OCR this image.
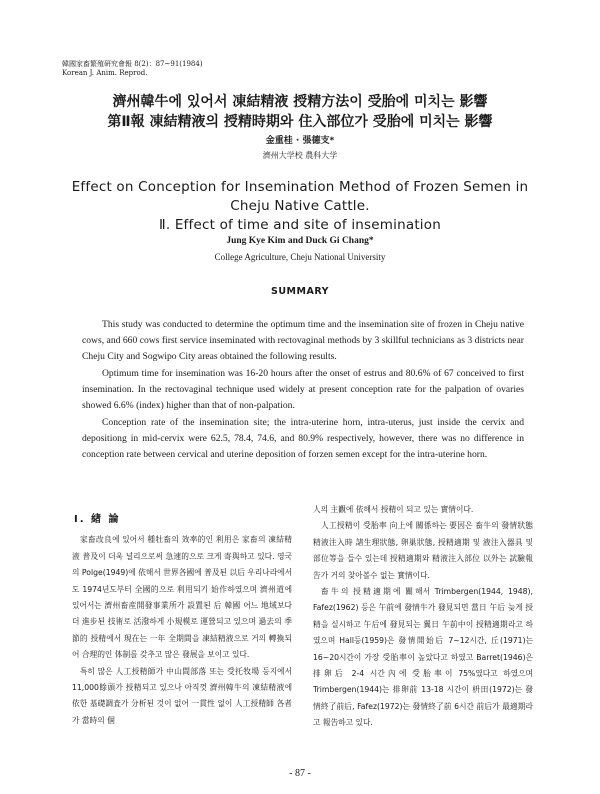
韓國家畜繁殖硏究會報 8(2)：87~91(1984)
Korean J. Anim. Reprod.
濟州韓牛에 있어서 凍結精液 授精方法이 受胎에 미치는 影響
第Ⅱ報 凍結精液의 授精時期와 住入部位가 受胎에 미치는 影響
金重桂 · 張德支*
濟州大学校 農科大学
Effect on Conception for Insemination Method of Frozen Semen in
Cheju Native Cattle.
Ⅱ. Effect of time and site of insemination
Jung Kye Kim and Duck Gi Chang*
College Agriculture, Cheju National University
SUMMARY

This study was conducted to determine the optimum time and the insemination site of frozen in Cheju native cows, and 660 cows first service inseminated with rectovaginal methods by 3 skillful technicians as 3 districts near Cheju City and Sogwipo City areas obtained the following results.

Optimum time for insemination was 16-20 hours after the onset of estrus and 80.6% of 67 conceived to first insemination. In the rectovaginal technique used widely at present conception rate for the palpation of ovaries showed 6.6% (index) higher than that of non-palpation.

Conception rate of the insemination site; the intra-uterine horn, intra-uterus, just inside the cervix and depositiong in mid-cervix were 62.5, 78.4, 74.6, and 80.9% respectively, however, there was no difference in conception rate between cervical and uterine deposition of forzen semen except for the intra-uterine horn.

Ⅰ. 緖 論

家畜改良에 있어서 種牡畜의 效率的인 利用은 家畜의 凍結精液 普及이 더욱 널리으로써 急速的으로 크게 寄與하고 있다. 영국의 Polge(1949)에 依해서 世界各國에 普及된 以后 우리나라에서도 1974년도부터 全國的으로 利用되기 始作하였으며 濟州道에 있어서는 濟州畜産開發事業所가 設置된 后 韓國 어느 地域보다 더 進步된 技術로 活潑하게 小規模로 運營되고 있으며 過去의 季節的 授精에서 現在는 一年 全期間을 凍結精液으로 거의 轉換되어 合理的인 体制를 갖추고 많은 發展을 보이고 있다.

특히 많은 人工授精師가 中山間部落 또는 受托牧場 등지에서 11,000餘頭가 授精되고 있으나 아직껏 濟州韓牛의 凍結精液에 依한 基礎調査가 分析된 것이 없어 一貫性 없이 人工授精師 各者가 當時의 個

人의 主觀에 依해서 授精이 되고 있는 實情이다.

人工授精이 受胎率 向上에 關係하는 要因은 畜牛의 發情狀態 精液注入時 諸生理狀態, 卵巢狀態, 授精適期 및 液注入器具 및 部位等을 들수 있는데 授精適期와 精液注入部位 以外는 試驗報告가 거의 찾아볼수 없는 實情이다.

畜牛의 授精適期에 關해서 Trimbergen(1944, 1948), Fafez(1962) 등은 午前에 發情牛가 發見되면 當日 午后 늦게 授精을 실시하고 午后에 發見되는 翼日 午前中이 授精適期라고 하였으며 Hall등(1959)은 發情開始后 7~12시간, 丘(1971)는 16~20시간이 가장 受胎率이 높았다고 하였고 Barret(1946)은 排卵后 2-4 시간內에 受胎率이 75%였다고 하였으며 Trimbergen(1944)는 排卵前 13-18 시간이 枡田(1972)는 發情終了前后, Fafez(1972)는 發情終了前 6시간 前后가 最適期라고 報告하고 있다.

- 87 -
